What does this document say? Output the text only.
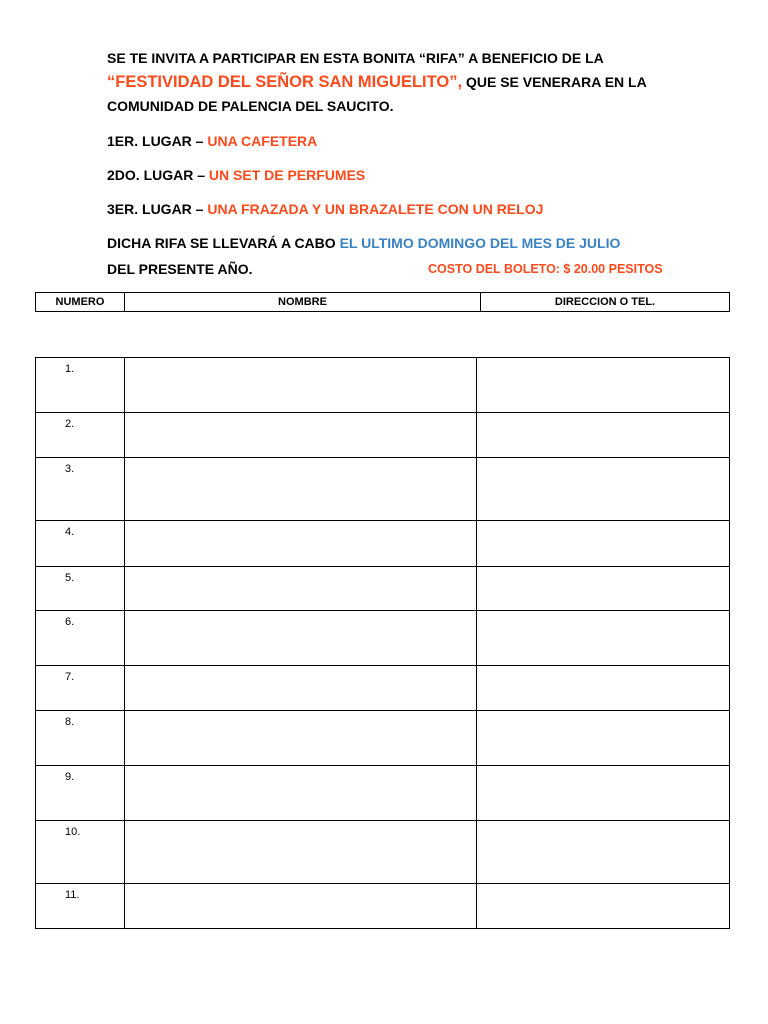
SE TE INVITA A PARTICIPAR EN ESTA BONITA “RIFA” A BENEFICIO DE LA
“FESTIVIDAD DEL SEÑOR SAN MIGUELITO”, QUE SE VENERARA EN LA
COMUNIDAD DE PALENCIA DEL SAUCITO.
1ER. LUGAR – UNA CAFETERA
2DO. LUGAR – UN SET DE PERFUMES
3ER. LUGAR – UNA FRAZADA Y UN BRAZALETE CON UN RELOJ
DICHA RIFA SE LLEVARÁ A CABO EL ULTIMO DOMINGO DEL MES DE JULIO
DEL PRESENTE AÑO.	COSTO DEL BOLETO: $ 20.00 PESITOS
NUMERO	NOMBRE	DIRECCION O TEL.
1.		
2.		
3.		
4.		
5.		
6.		
7.		
8.		
9.		
10.		
11.		
